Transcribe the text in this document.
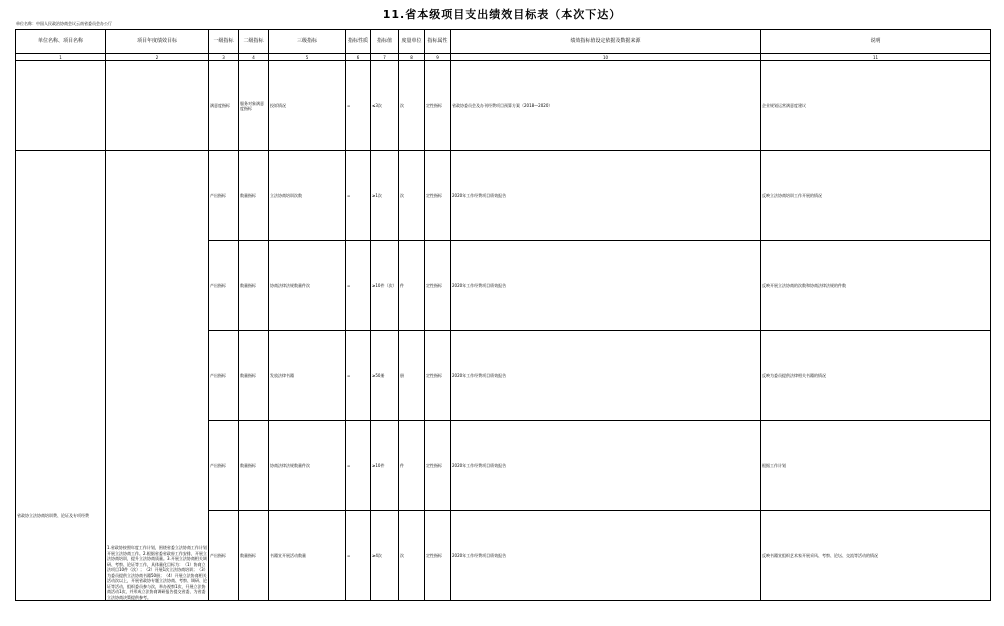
11.省本级项目支出绩效目标表（本次下达）
单位名称：中国人民政治协商会议云南省委员会办公厅
单位名称、项目名称	项目年度绩效目标	一级指标	二级指标	三级指标	指标性质	指标值	度量单位	指标属性	绩效指标值设定依据及数据来源	说明
1	2	3	4	5	6	7	8	9	10	11
		满意度指标	服务对象满意度指标	投诉情况	=	≤3次	次	定性指标	省政协委员会及办刊经费项目预算方案（2018—2020）	企业规划运营满意度建议
省政协立法协商培训费、论证及专项经费	1.省政协按照年度工作计划，围绕省委立法协商工作计划开展立法协商工作。2.根据省委省政府工作安排，开展立法协商培训，提升立法协商质量。3.开展立法协商相关调研、考察、论证等工作，具体量化目标为：（1）协商立法项目10件（次）；（2）开展1次立法协商培训；（3）为委员提供立法协商书籍50册；（4）开展立法协商相关活动次以上，开展省政协专题立法协商、考察、调研、论证等活动，组织委员参与次，举办视察1次，开展立法协商活动1次，并形成立法协商调研报告提交省委，为省委立法协商决策提供参考。	产出指标	数量指标	立法协商培训次数	=	≥1次	次	定性指标	2020年工作经费项目绩效报告	反映立法协商培训工作开展的情况
		产出指标	数量指标	协商法律法规数量件次	=	≥10件（次）	件	定性指标	2020年工作经费项目绩效报告	反映开展立法协商的次数和协商法律法规的件数
		产出指标	数量指标	发放法律书籍	=	≥50册	册	定性指标	2020年工作经费项目绩效报告	反映为委员提供法律相关书籍的情况
		产出指标	数量指标	协商法律法规数量件次	=	≥10件	件	定性指标	2020年工作经费项目绩效报告	根据工作计划
		产出指标	数量指标	书籍宣开展活动数量	=	≥4次	次	定性指标	2020年工作经费项目绩效报告	反映书籍宣组织艺术家开展采风、考察、论坛、交流等活动的情况
